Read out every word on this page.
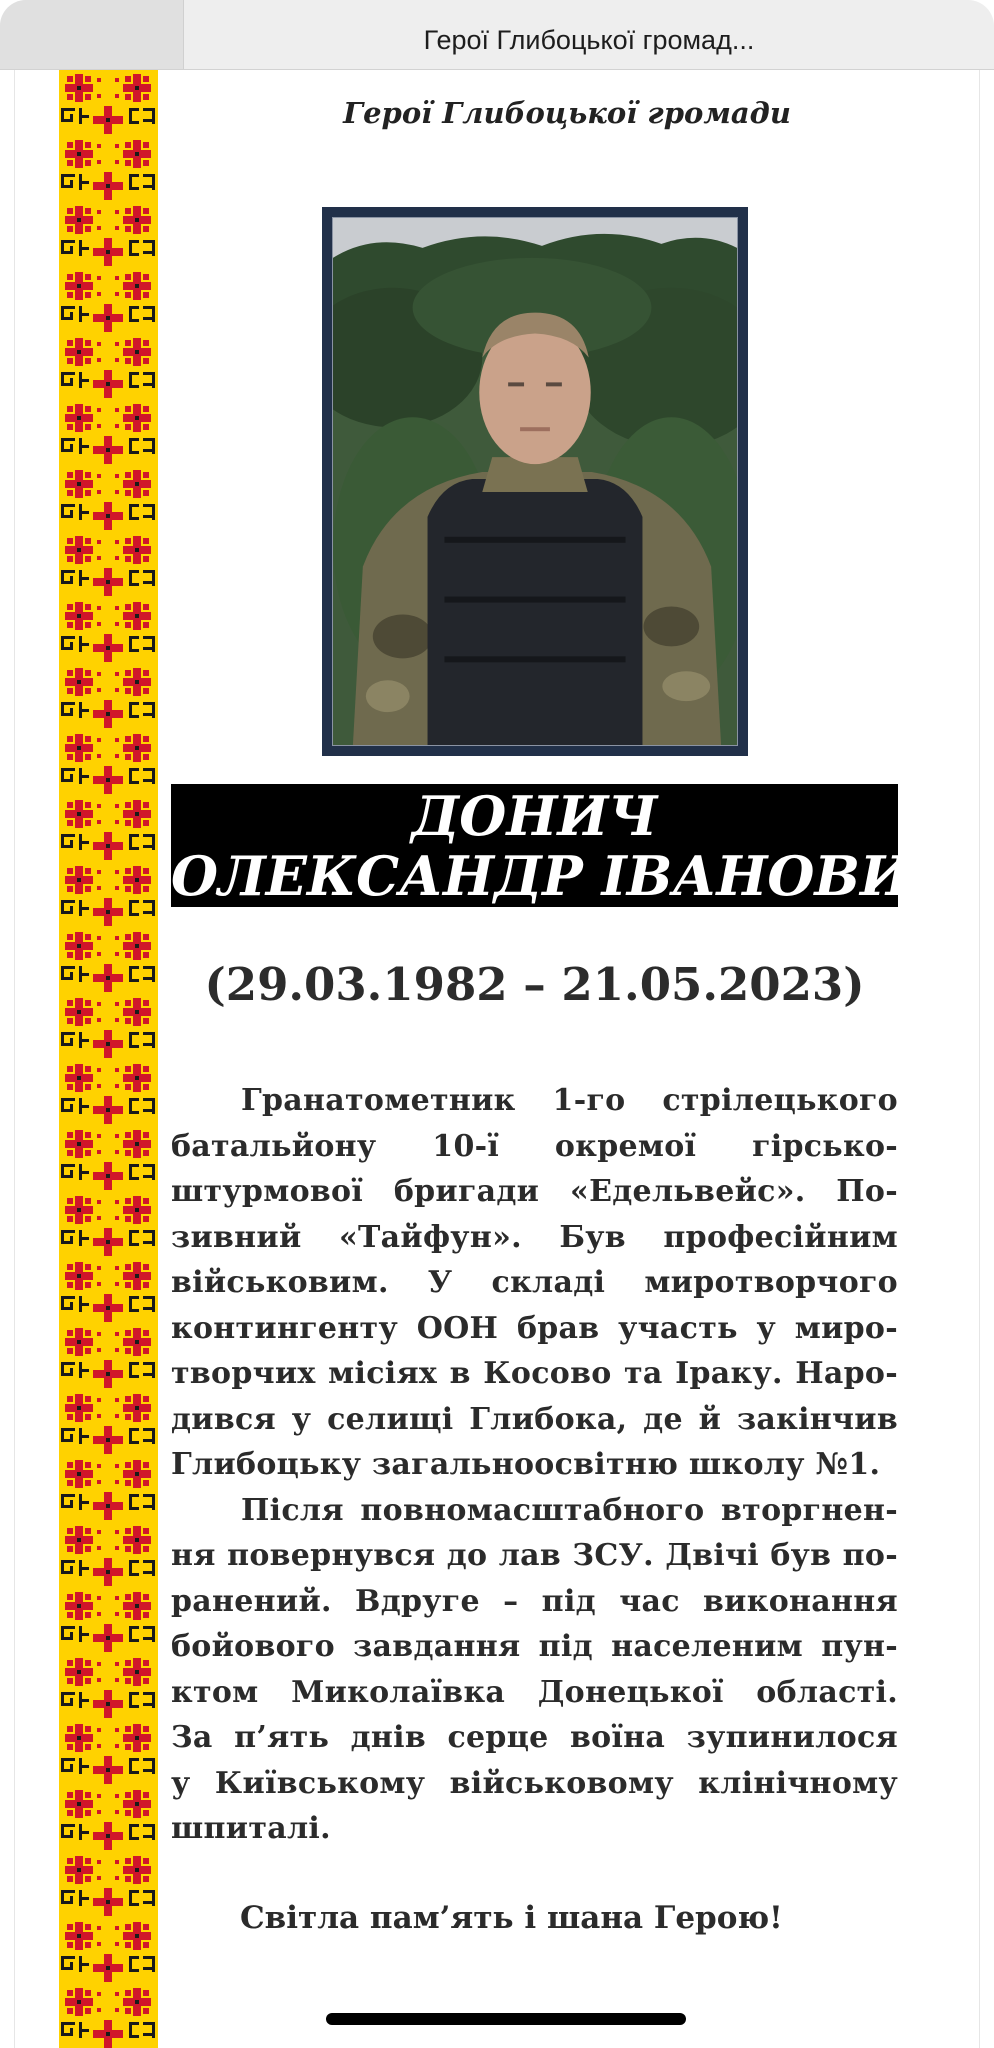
Герої Глибоцької громад...
Герої Глибоцької громади
ДОНИЧ
ОЛЕКСАНДР ІВАНОВИЧ
(29.03.1982 – 21.05.2023)
Гранатометник 1-го стрілецького
батальйону 10-ї окремої гірсько-
штурмової бригади «Едельвейс». По-
зивний «Тайфун». Був професійним
військовим. У складі миротворчого
контингенту ООН брав участь у миро-
творчих місіях в Косово та Іраку. Наро-
дився у селищі Глибока, де й закінчив
Глибоцьку загальноосвітню школу №1.
Після повномасштабного вторгнен-
ня повернувся до лав ЗСУ. Двічі був по-
ранений. Вдруге – під час виконання
бойового завдання під населеним пун-
ктом Миколаївка Донецької області.
За п’ять днів серце воїна зупинилося
у Київському військовому клінічному
шпиталі.
Світла пам’ять і шана Герою!
